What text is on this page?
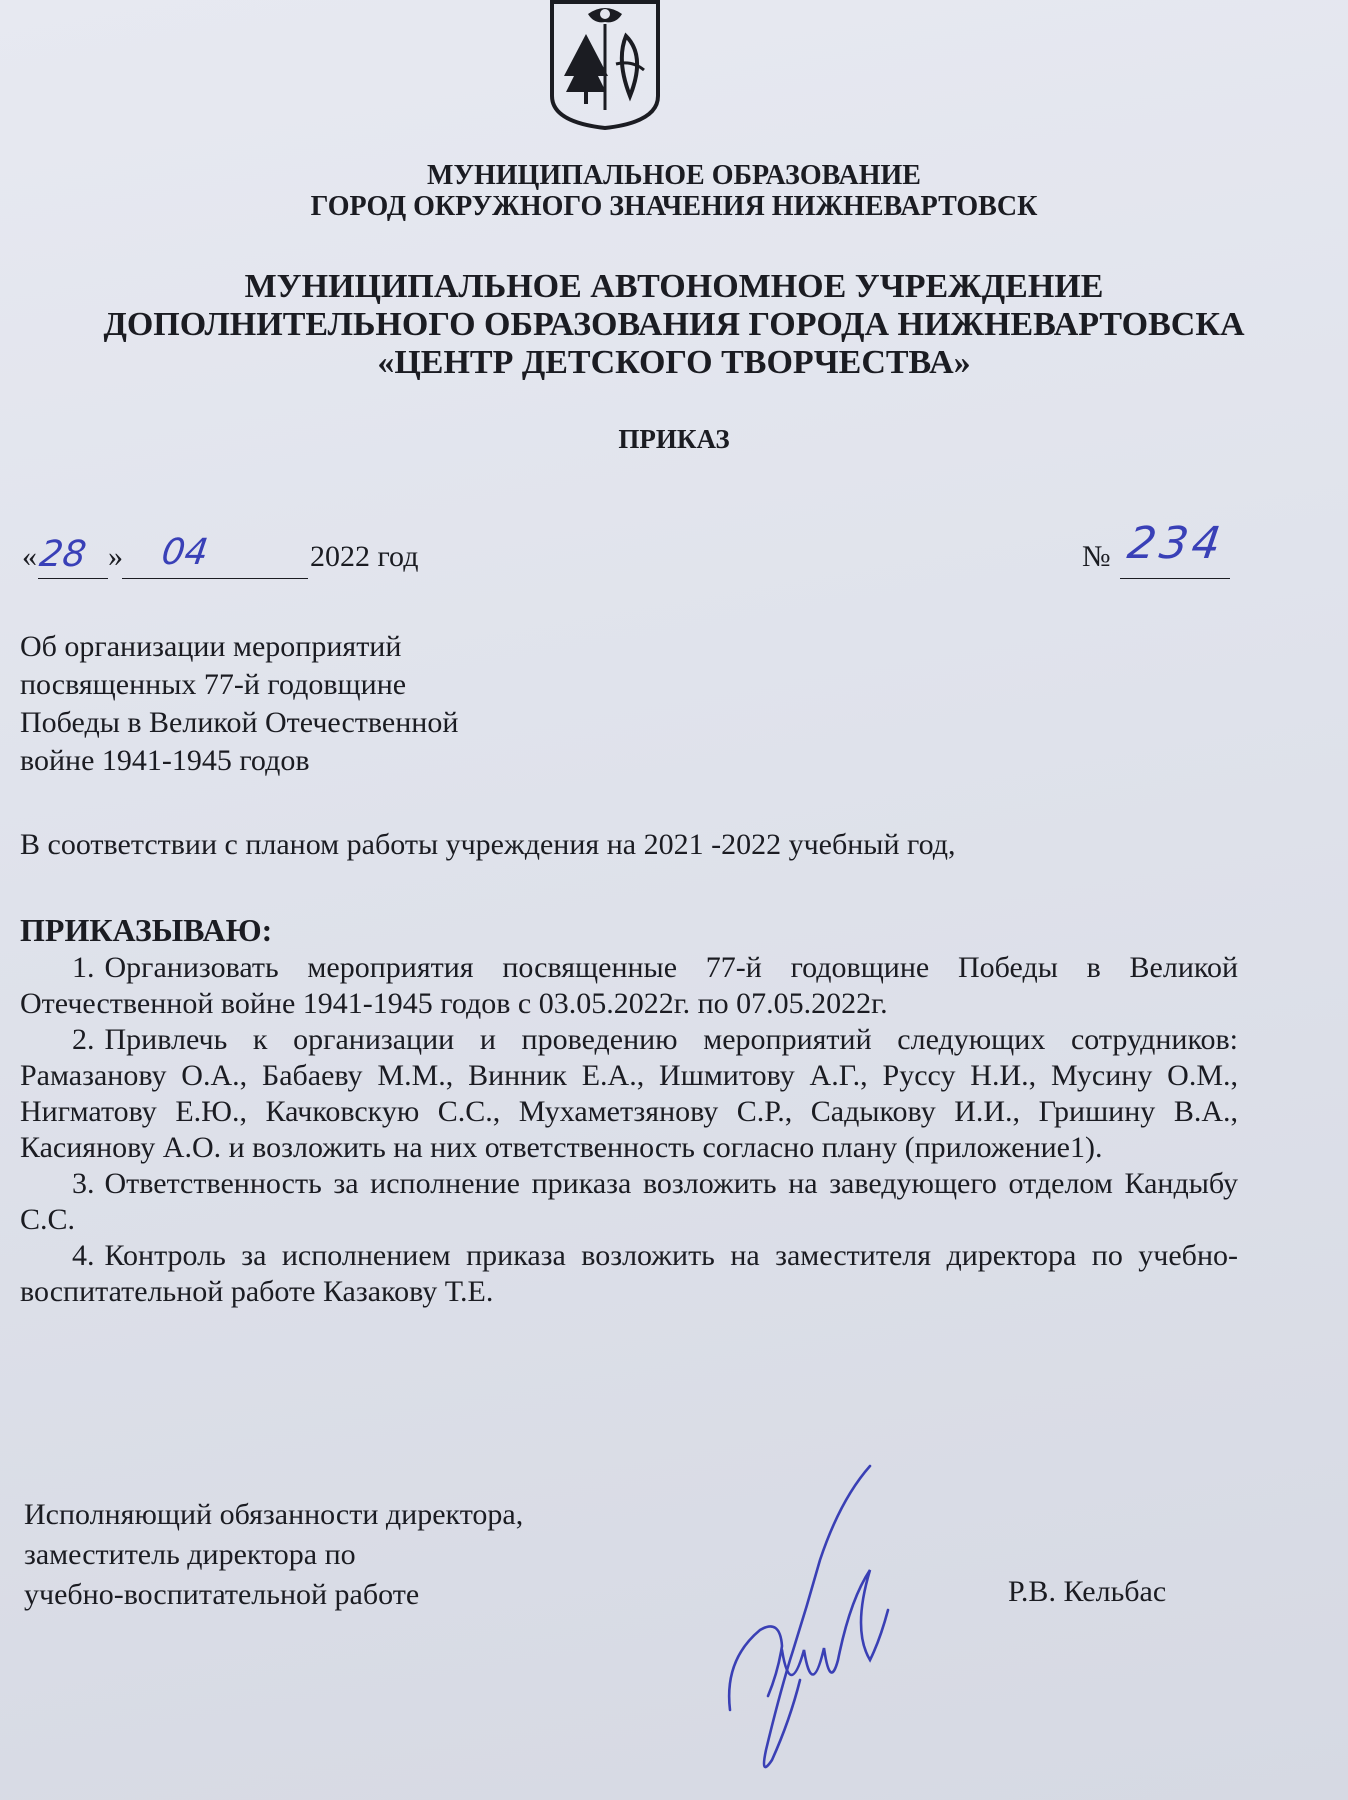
МУНИЦИПАЛЬНОЕ ОБРАЗОВАНИЕ
ГОРОД ОКРУЖНОГО ЗНАЧЕНИЯ НИЖНЕВАРТОВСК
МУНИЦИПАЛЬНОЕ АВТОНОМНОЕ УЧРЕЖДЕНИЕ
ДОПОЛНИТЕЛЬНОГО ОБРАЗОВАНИЯ ГОРОДА НИЖНЕВАРТОВСКА
«ЦЕНТР ДЕТСКОГО ТВОРЧЕСТВА»
ПРИКАЗ
« 28 » 04	2022 год	№ 234
Об организации мероприятий
посвященных 77-й годовщине
Победы в Великой Отечественной
войне 1941-1945 годов
В соответствии с планом работы учреждения на 2021 -2022 учебный год,
ПРИКАЗЫВАЮ:

1. Организовать мероприятия посвященные 77-й годовщине Победы в Великой Отечественной войне 1941-1945 годов с 03.05.2022г. по 07.05.2022г.

2. Привлечь к организации и проведению мероприятий следующих сотрудников: Рамазанову О.А., Бабаеву М.М., Винник Е.А., Ишмитову А.Г., Руссу Н.И., Мусину О.М., Нигматову Е.Ю., Качковскую С.С., Мухаметзянову С.Р., Садыкову И.И., Гришину В.А., Касиянову А.О. и возложить на них ответственность согласно плану (приложение1).

3. Ответственность за исполнение приказа возложить на заведующего отделом Кандыбу С.С.

4. Контроль за исполнением приказа возложить на заместителя директора по учебно-воспитательной работе Казакову Т.Е.

Исполняющий обязанности директора,
заместитель директора по
учебно-воспитательной работе	Р.В. Кельбас
